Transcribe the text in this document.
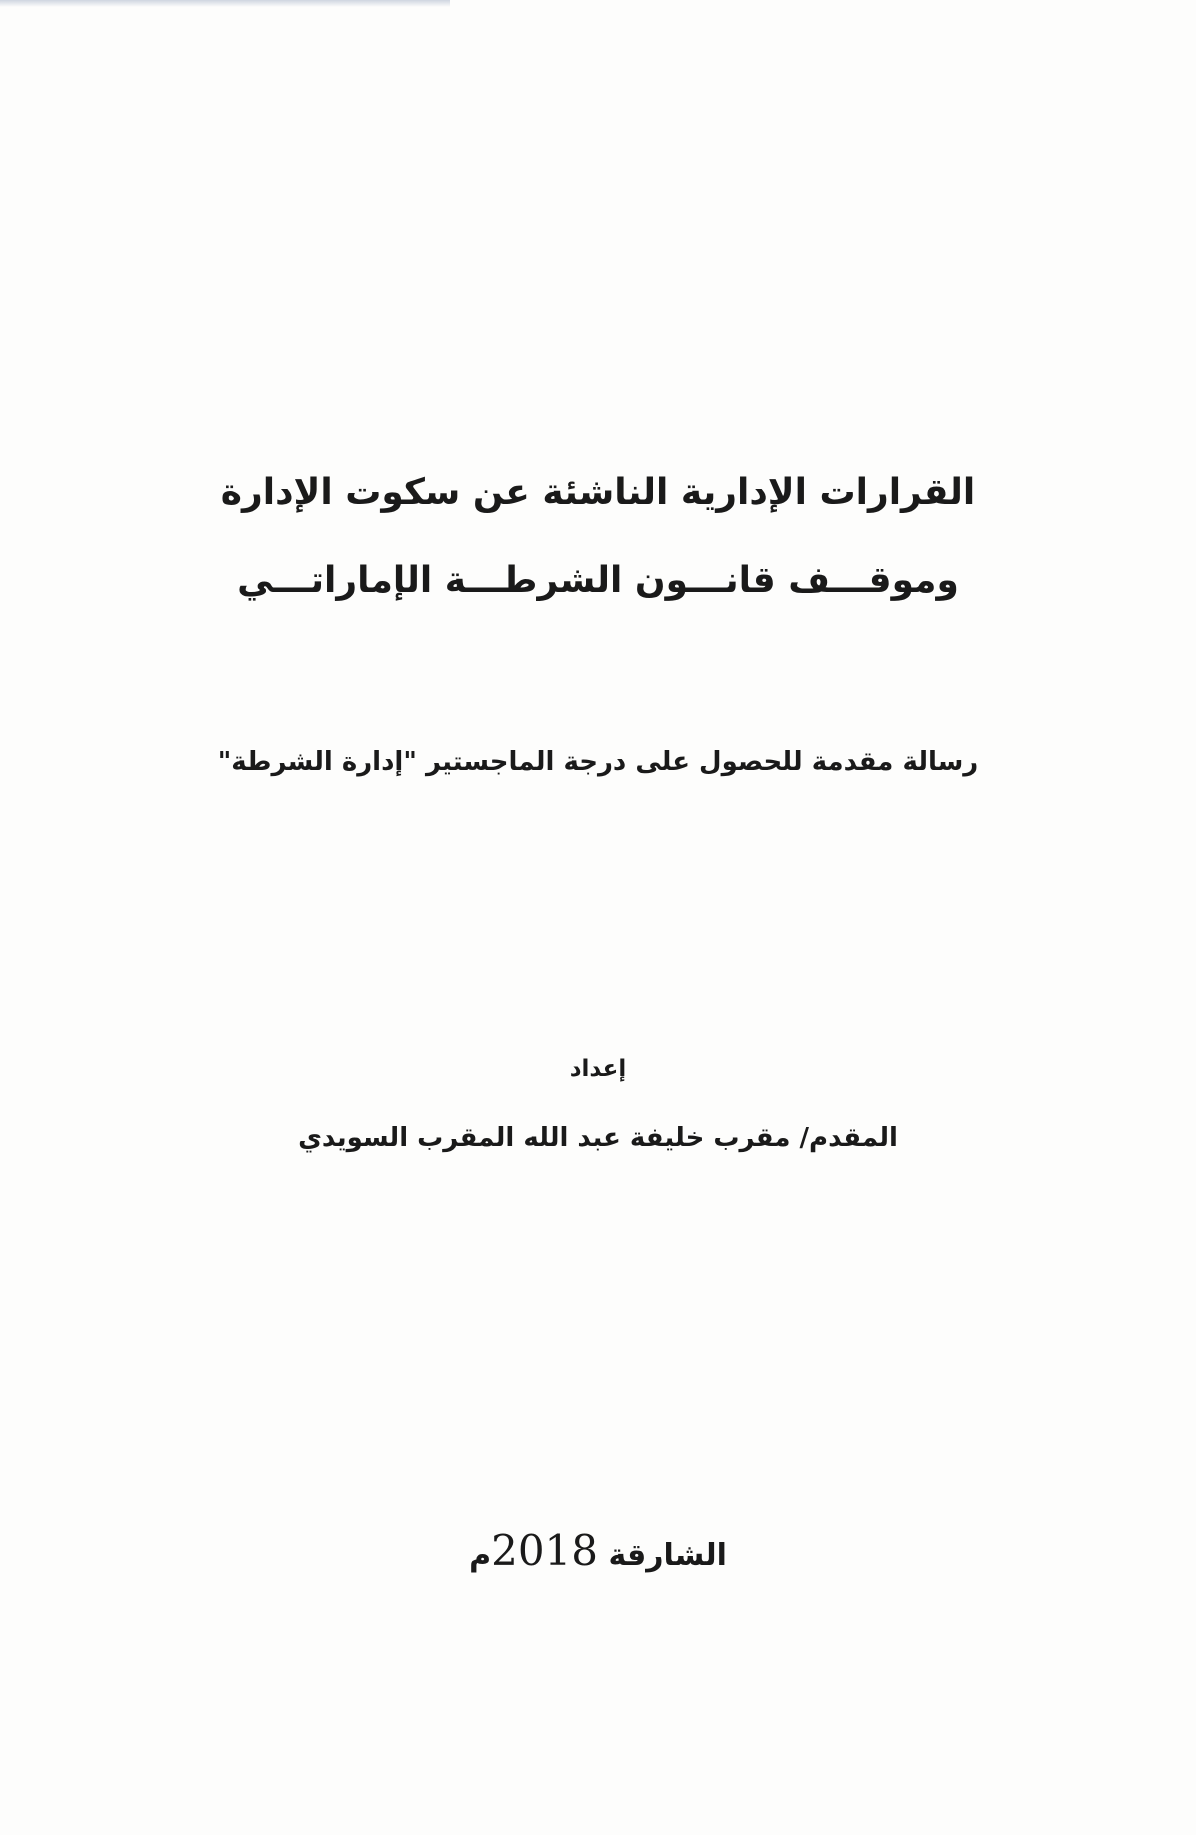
القرارات الإدارية الناشئة عن سكوت الإدارة
وموقـــف قانـــون الشرطـــة الإماراتـــي
رسالة مقدمة للحصول على درجة الماجستير "إدارة الشرطة"
إعداد
المقدم/ مقرب خليفة عبد الله المقرب السويدي
الشارقة 2018م
